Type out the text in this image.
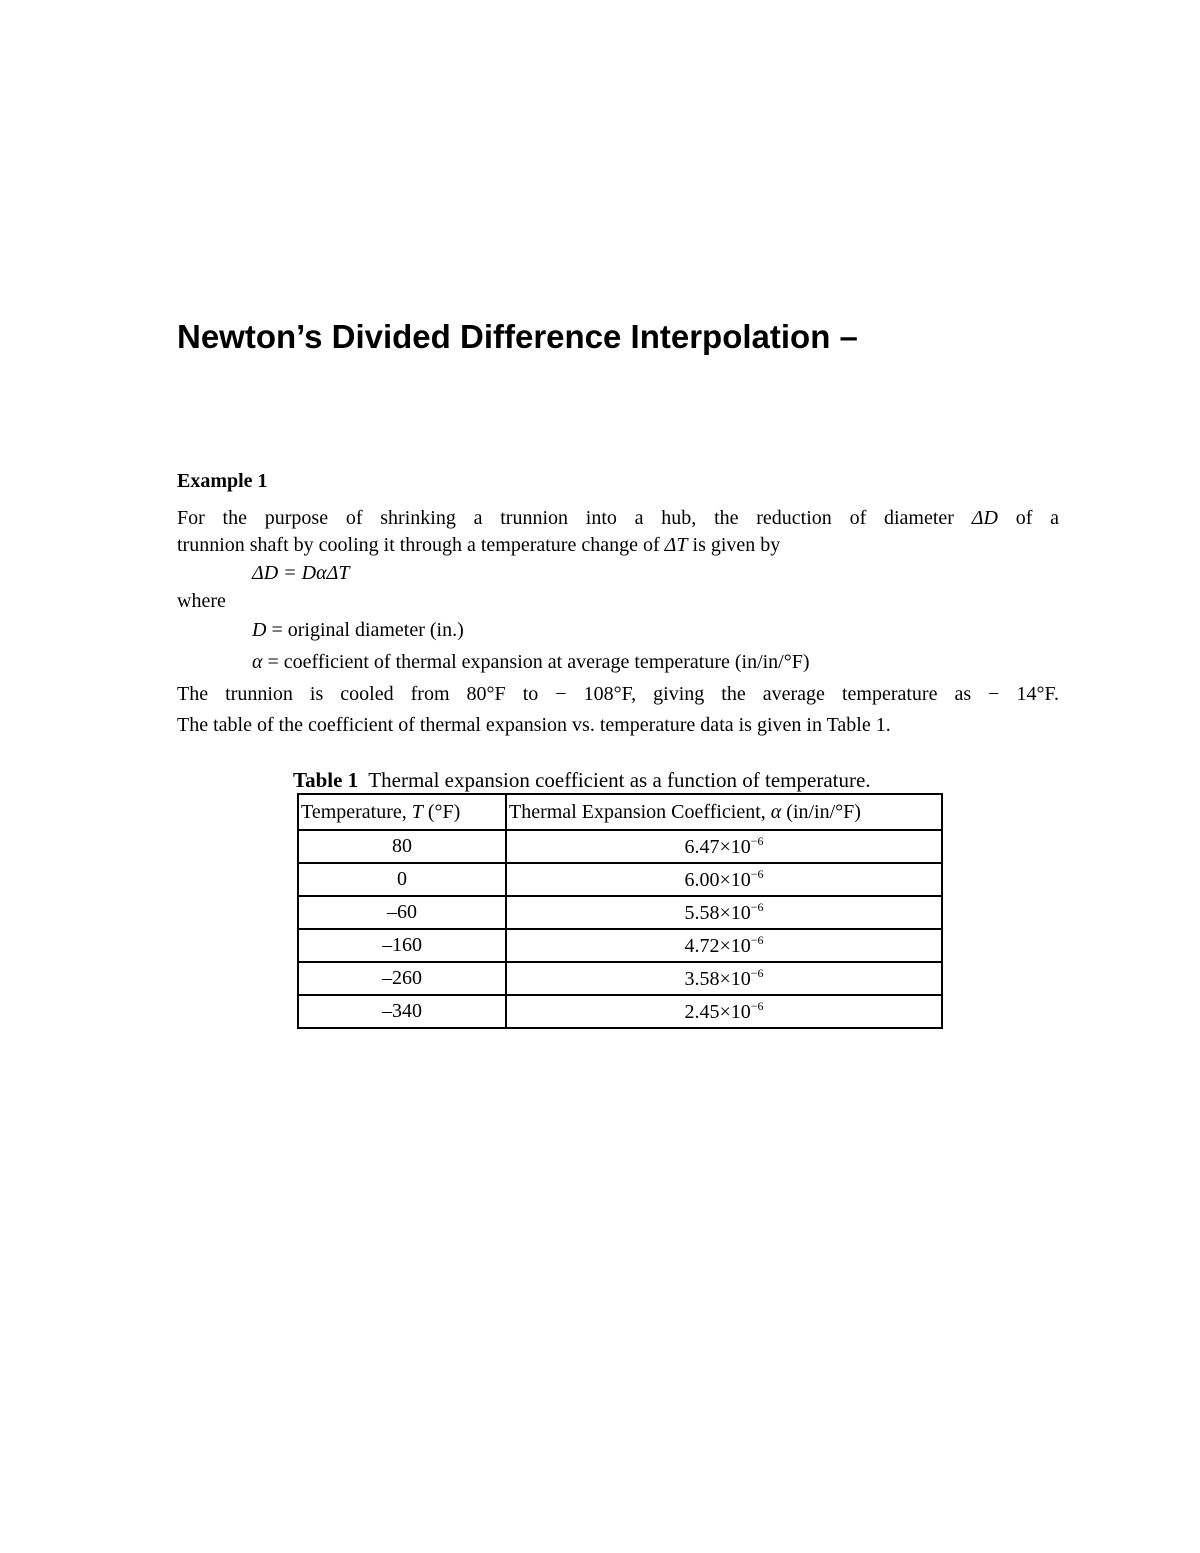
Newton’s Divided Difference Interpolation –
Example 1
For the purpose of shrinking a trunnion into a hub, the reduction of diameter ΔD of a
trunnion shaft by cooling it through a temperature change of ΔT is given by
ΔD = DαΔT
where
D = original diameter (in.)
α = coefficient of thermal expansion at average temperature (in/in/°F)
The trunnion is cooled from 80°F to − 108°F, giving the average temperature as − 14°F.
The table of the coefficient of thermal expansion vs. temperature data is given in Table 1.
Table 1 Thermal expansion coefficient as a function of temperature.
Temperature, T (°F)	Thermal Expansion Coefficient, α (in/in/°F)
80	$6.47\times 10^{-6}$
0	$6.00\times 10^{-6}$
–60	$5.58\times 10^{-6}$
–160	$4.72\times 10^{-6}$
–260	$3.58\times 10^{-6}$
–340	$2.45\times 10^{-6}$
